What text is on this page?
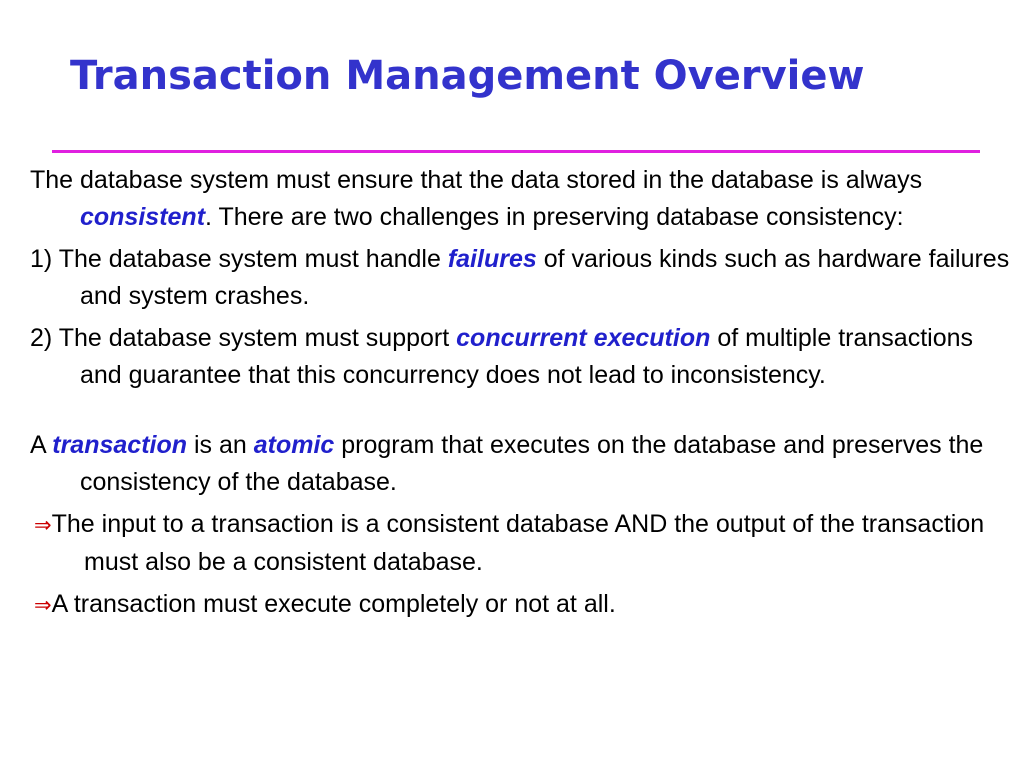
Transaction Management Overview

The database system must ensure that the data stored in the database is always consistent. There are two challenges in preserving database consistency:

1) The database system must handle failures of various kinds such as hardware failures and system crashes.

2) The database system must support concurrent execution of multiple transactions and guarantee that this concurrency does not lead to inconsistency.

A transaction is an atomic program that executes on the database and preserves the consistency of the database.

⇒The input to a transaction is a consistent database AND the output of the transaction must also be a consistent database.

⇒A transaction must execute completely or not at all.
